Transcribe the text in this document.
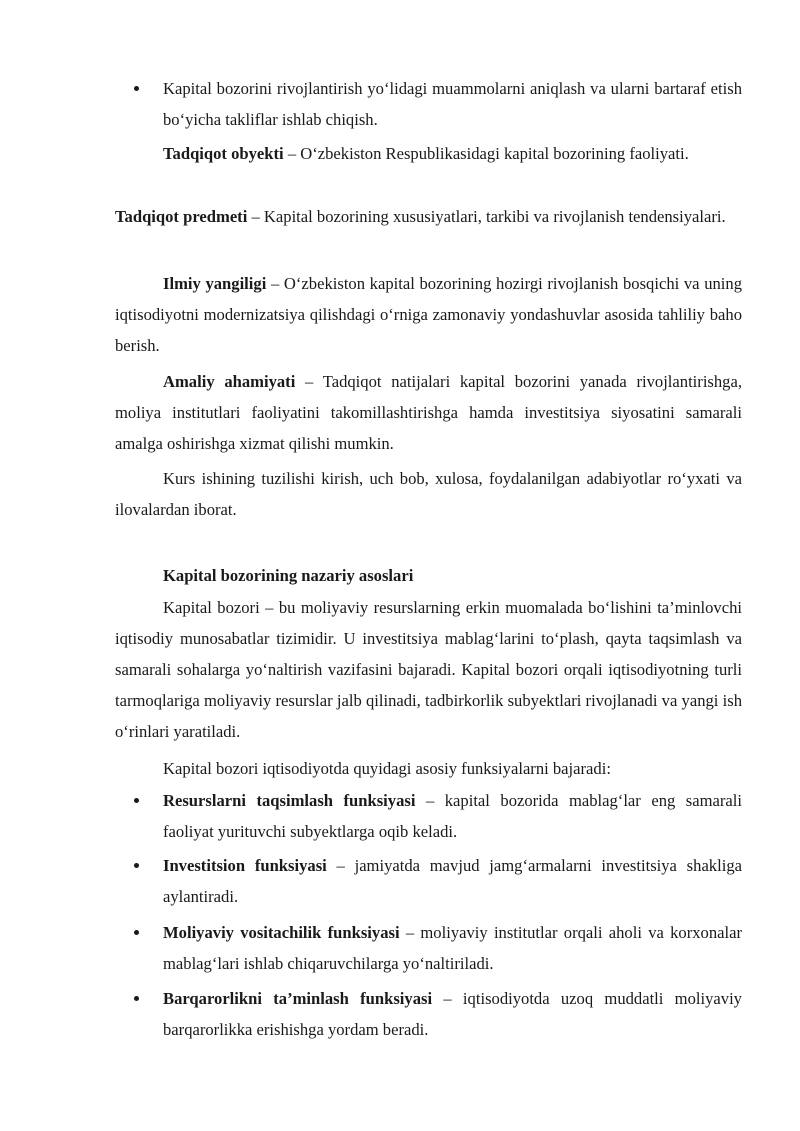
Kapital bozorini rivojlantirish yo‘lidagi muammolarni aniqlash va ularni bartaraf etish bo‘yicha takliflar ishlab chiqish.

Tadqiqot obyekti – O‘zbekiston Respublikasidagi kapital bozorining faoliyati.

Tadqiqot predmeti – Kapital bozorining xususiyatlari, tarkibi va rivojlanish tendensiyalari.

Ilmiy yangiligi – O‘zbekiston kapital bozorining hozirgi rivojlanish bosqichi va uning iqtisodiyotni modernizatsiya qilishdagi o‘rniga zamonaviy yondashuvlar asosida tahliliy baho berish.

Amaliy ahamiyati – Tadqiqot natijalari kapital bozorini yanada rivojlantirishga, moliya institutlari faoliyatini takomillashtirishga hamda investitsiya siyosatini samarali amalga oshirishga xizmat qilishi mumkin.

Kurs ishining tuzilishi kirish, uch bob, xulosa, foydalanilgan adabiyotlar ro‘yxati va ilovalardan iborat.

Kapital bozorining nazariy asoslari

Kapital bozori – bu moliyaviy resurslarning erkin muomalada bo‘lishini ta’minlovchi iqtisodiy munosabatlar tizimidir. U investitsiya mablag‘larini to‘plash, qayta taqsimlash va samarali sohalarga yo‘naltirish vazifasini bajaradi. Kapital bozori orqali iqtisodiyotning turli tarmoqlariga moliyaviy resurslar jalb qilinadi, tadbirkorlik subyektlari rivojlanadi va yangi ish o‘rinlari yaratiladi.

Kapital bozori iqtisodiyotda quyidagi asosiy funksiyalarni bajaradi:

Resurslarni taqsimlash funksiyasi – kapital bozorida mablag‘lar eng samarali faoliyat yurituvchi subyektlarga oqib keladi.

Investitsion funksiyasi – jamiyatda mavjud jamg‘armalarni investitsiya shakliga aylantiradi.

Moliyaviy vositachilik funksiyasi – moliyaviy institutlar orqali aholi va korxonalar mablag‘lari ishlab chiqaruvchilarga yo‘naltiriladi.

Barqarorlikni ta’minlash funksiyasi – iqtisodiyotda uzoq muddatli moliyaviy barqarorlikka erishishga yordam beradi.
